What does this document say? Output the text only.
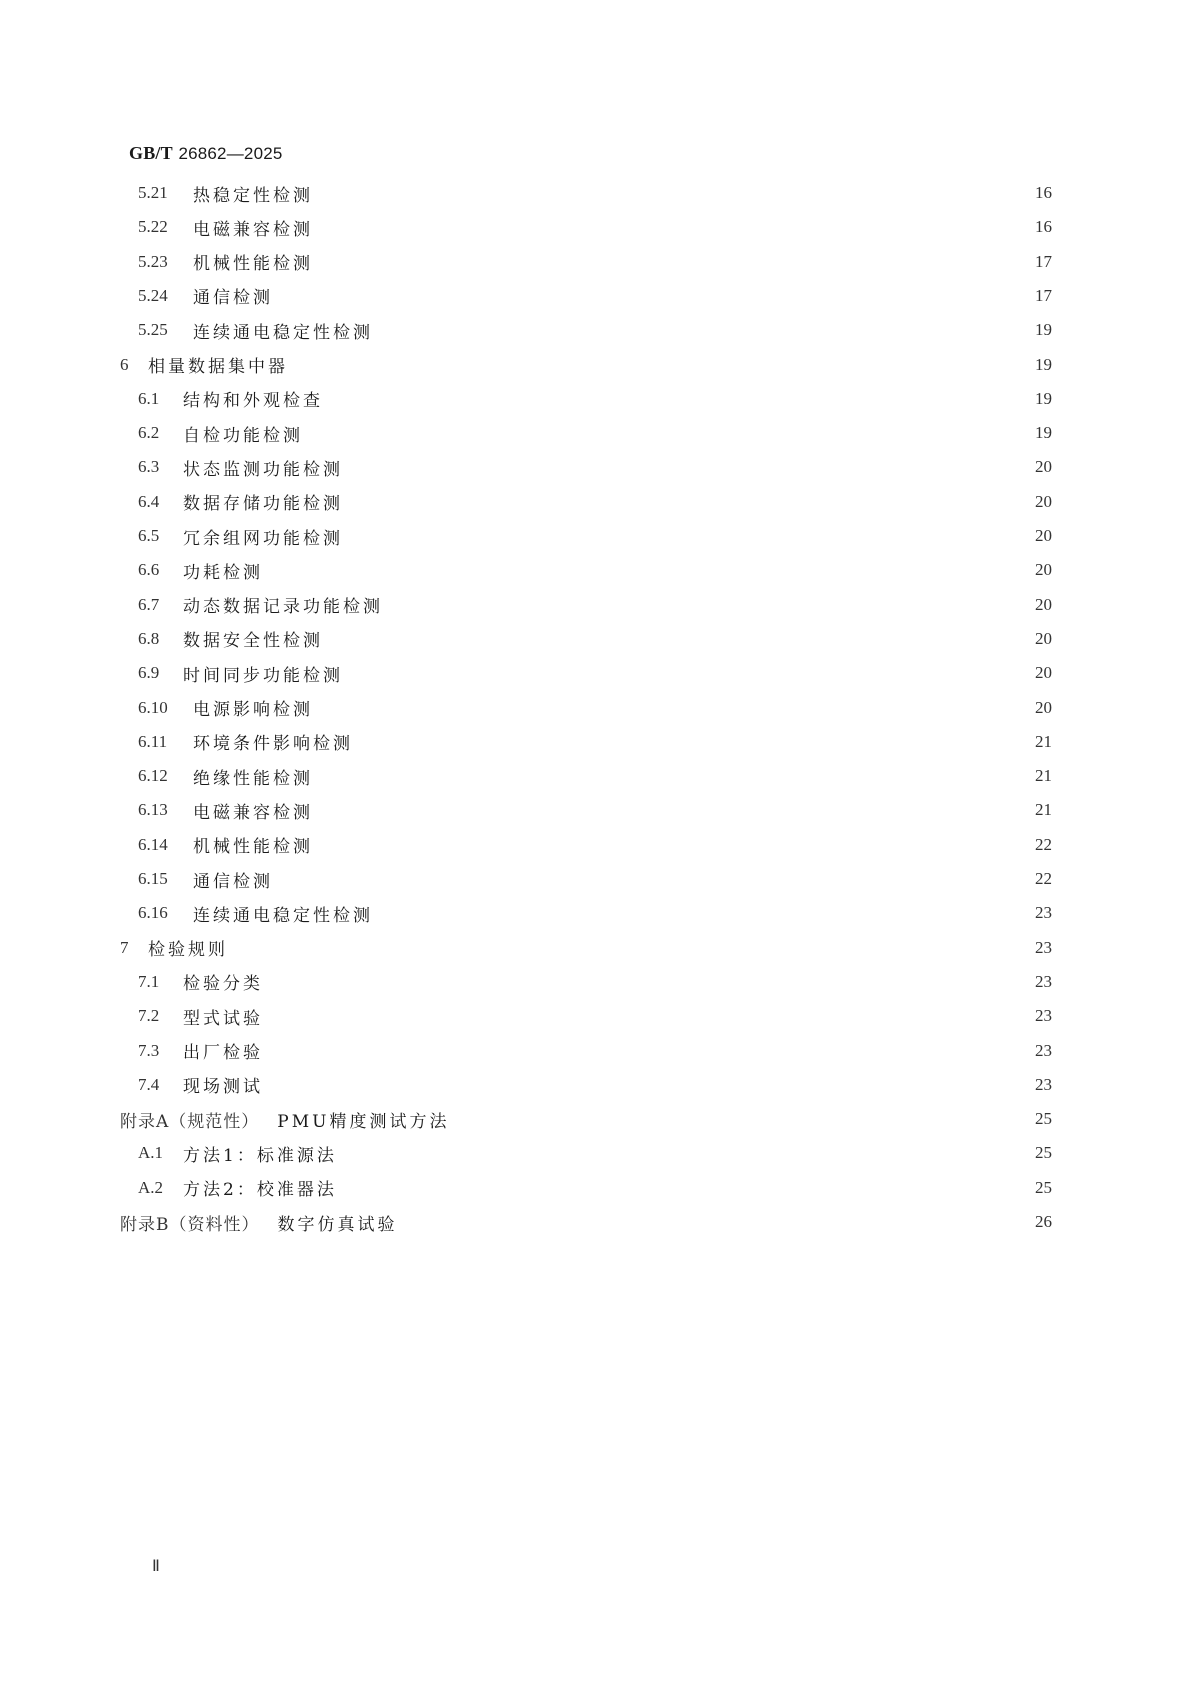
GB/T 26862—2025
5.21	热稳定性检测	16
5.22	电磁兼容检测	16
5.23	机械性能检测	17
5.24	通信检测	17
5.25	连续通电稳定性检测	19
6	相量数据集中器	19
6.1	结构和外观检查	19
6.2	自检功能检测	19
6.3	状态监测功能检测	20
6.4	数据存储功能检测	20
6.5	冗余组网功能检测	20
6.6	功耗检测	20
6.7	动态数据记录功能检测	20
6.8	数据安全性检测	20
6.9	时间同步功能检测	20
6.10	电源影响检测	20
6.11	环境条件影响检测	21
6.12	绝缘性能检测	21
6.13	电磁兼容检测	21
6.14	机械性能检测	22
6.15	通信检测	22
6.16	连续通电稳定性检测	23
7	检验规则	23
7.1	检验分类	23
7.2	型式试验	23
7.3	出厂检验	23
7.4	现场测试	23
附录A（规范性） PMU精度测试方法	25
A.1	方法1：标准源法	25
A.2	方法2：校准器法	25
附录B（资料性） 数字仿真试验	26
Ⅱ
